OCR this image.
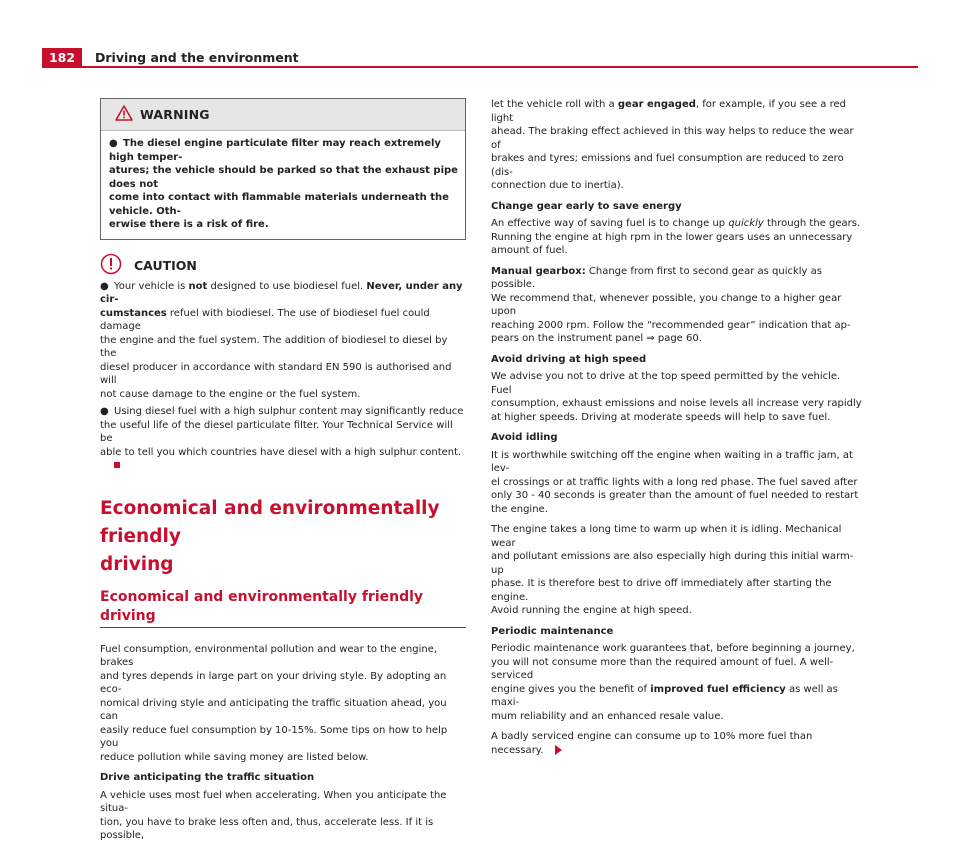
182	Driving and the environment
WARNING
● The diesel engine particulate filter may reach extremely high temper-
atures; the vehicle should be parked so that the exhaust pipe does not
come into contact with flammable materials underneath the vehicle. Oth-
erwise there is a risk of fire.
CAUTION

● Your vehicle is not designed to use biodiesel fuel. Never, under any cir-

cumstances refuel with biodiesel. The use of biodiesel fuel could damage

the engine and the fuel system. The addition of biodiesel to diesel by the

diesel producer in accordance with standard EN 590 is authorised and will

not cause damage to the engine or the fuel system.

● Using diesel fuel with a high sulphur content may significantly reduce

the useful life of the diesel particulate filter. Your Technical Service will be

able to tell you which countries have diesel with a high sulphur content.

Economical and environmentally friendly
driving
Economical and environmentally friendly driving

Fuel consumption, environmental pollution and wear to the engine, brakes

and tyres depends in large part on your driving style. By adopting an eco-

nomical driving style and anticipating the traffic situation ahead, you can

easily reduce fuel consumption by 10-15%. Some tips on how to help you

reduce pollution while saving money are listed below.

Drive anticipating the traffic situation

A vehicle uses most fuel when accelerating. When you anticipate the situa-

tion, you have to brake less often and, thus, accelerate less. If it is possible,

let the vehicle roll with a gear engaged, for example, if you see a red light

ahead. The braking effect achieved in this way helps to reduce the wear of

brakes and tyres; emissions and fuel consumption are reduced to zero (dis-

connection due to inertia).

Change gear early to save energy

An effective way of saving fuel is to change up quickly through the gears.

Running the engine at high rpm in the lower gears uses an unnecessary

amount of fuel.

Manual gearbox: Change from first to second gear as quickly as possible.

We recommend that, whenever possible, you change to a higher gear upon

reaching 2000 rpm. Follow the “recommended gear” indication that ap-

pears on the instrument panel ⇒ page 60.

Avoid driving at high speed

We advise you not to drive at the top speed permitted by the vehicle. Fuel

consumption, exhaust emissions and noise levels all increase very rapidly

at higher speeds. Driving at moderate speeds will help to save fuel.

Avoid idling

It is worthwhile switching off the engine when waiting in a traffic jam, at lev-

el crossings or at traffic lights with a long red phase. The fuel saved after

only 30 - 40 seconds is greater than the amount of fuel needed to restart

the engine.

The engine takes a long time to warm up when it is idling. Mechanical wear

and pollutant emissions are also especially high during this initial warm-up

phase. It is therefore best to drive off immediately after starting the engine.

Avoid running the engine at high speed.

Periodic maintenance

Periodic maintenance work guarantees that, before beginning a journey,

you will not consume more than the required amount of fuel. A well-serviced

engine gives you the benefit of improved fuel efficiency as well as maxi-

mum reliability and an enhanced resale value.

A badly serviced engine can consume up to 10% more fuel than necessary.
